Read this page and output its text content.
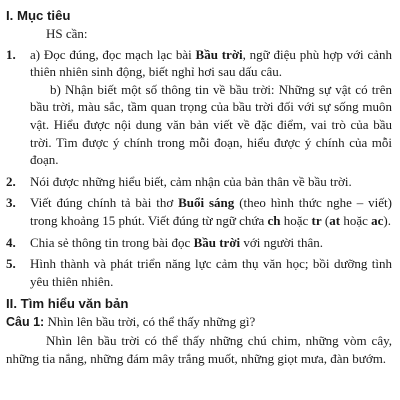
I. Mục tiêu

HS cần:

1. a) Đọc đúng, đọc mạch lạc bài Bầu trời, ngữ điệu phù hợp với cảnh thiên nhiên sinh động, biết nghỉ hơi sau dấu câu.

b) Nhận biết một số thông tin về bầu trời: Những sự vật có trên bầu trời, màu sắc, tầm quan trọng của bầu trời đối với sự sống muôn vật. Hiểu được nội dung văn bản viết về đặc điểm, vai trò của bầu trời. Tìm được ý chính trong mỗi đoạn, hiểu được ý chính của mỗi đoạn.

2. Nói được những hiểu biết, cảm nhận của bản thân về bầu trời.

3. Viết đúng chính tả bài thơ Buổi sáng (theo hình thức nghe – viết) trong khoảng 15 phút. Viết đúng từ ngữ chứa ch hoặc tr (at hoặc ac).

4. Chia sẻ thông tin trong bài đọc Bầu trời với người thân.

5. Hình thành và phát triển năng lực cảm thụ văn học; bồi dưỡng tình yêu thiên nhiên.

II. Tìm hiểu văn bản

Câu 1: Nhìn lên bầu trời, có thể thấy những gì?

Nhìn lên bầu trời có thể thấy những chú chim, những vòm cây, những tia nắng, những đám mây trắng muốt, những giọt mưa, đàn bướm.
